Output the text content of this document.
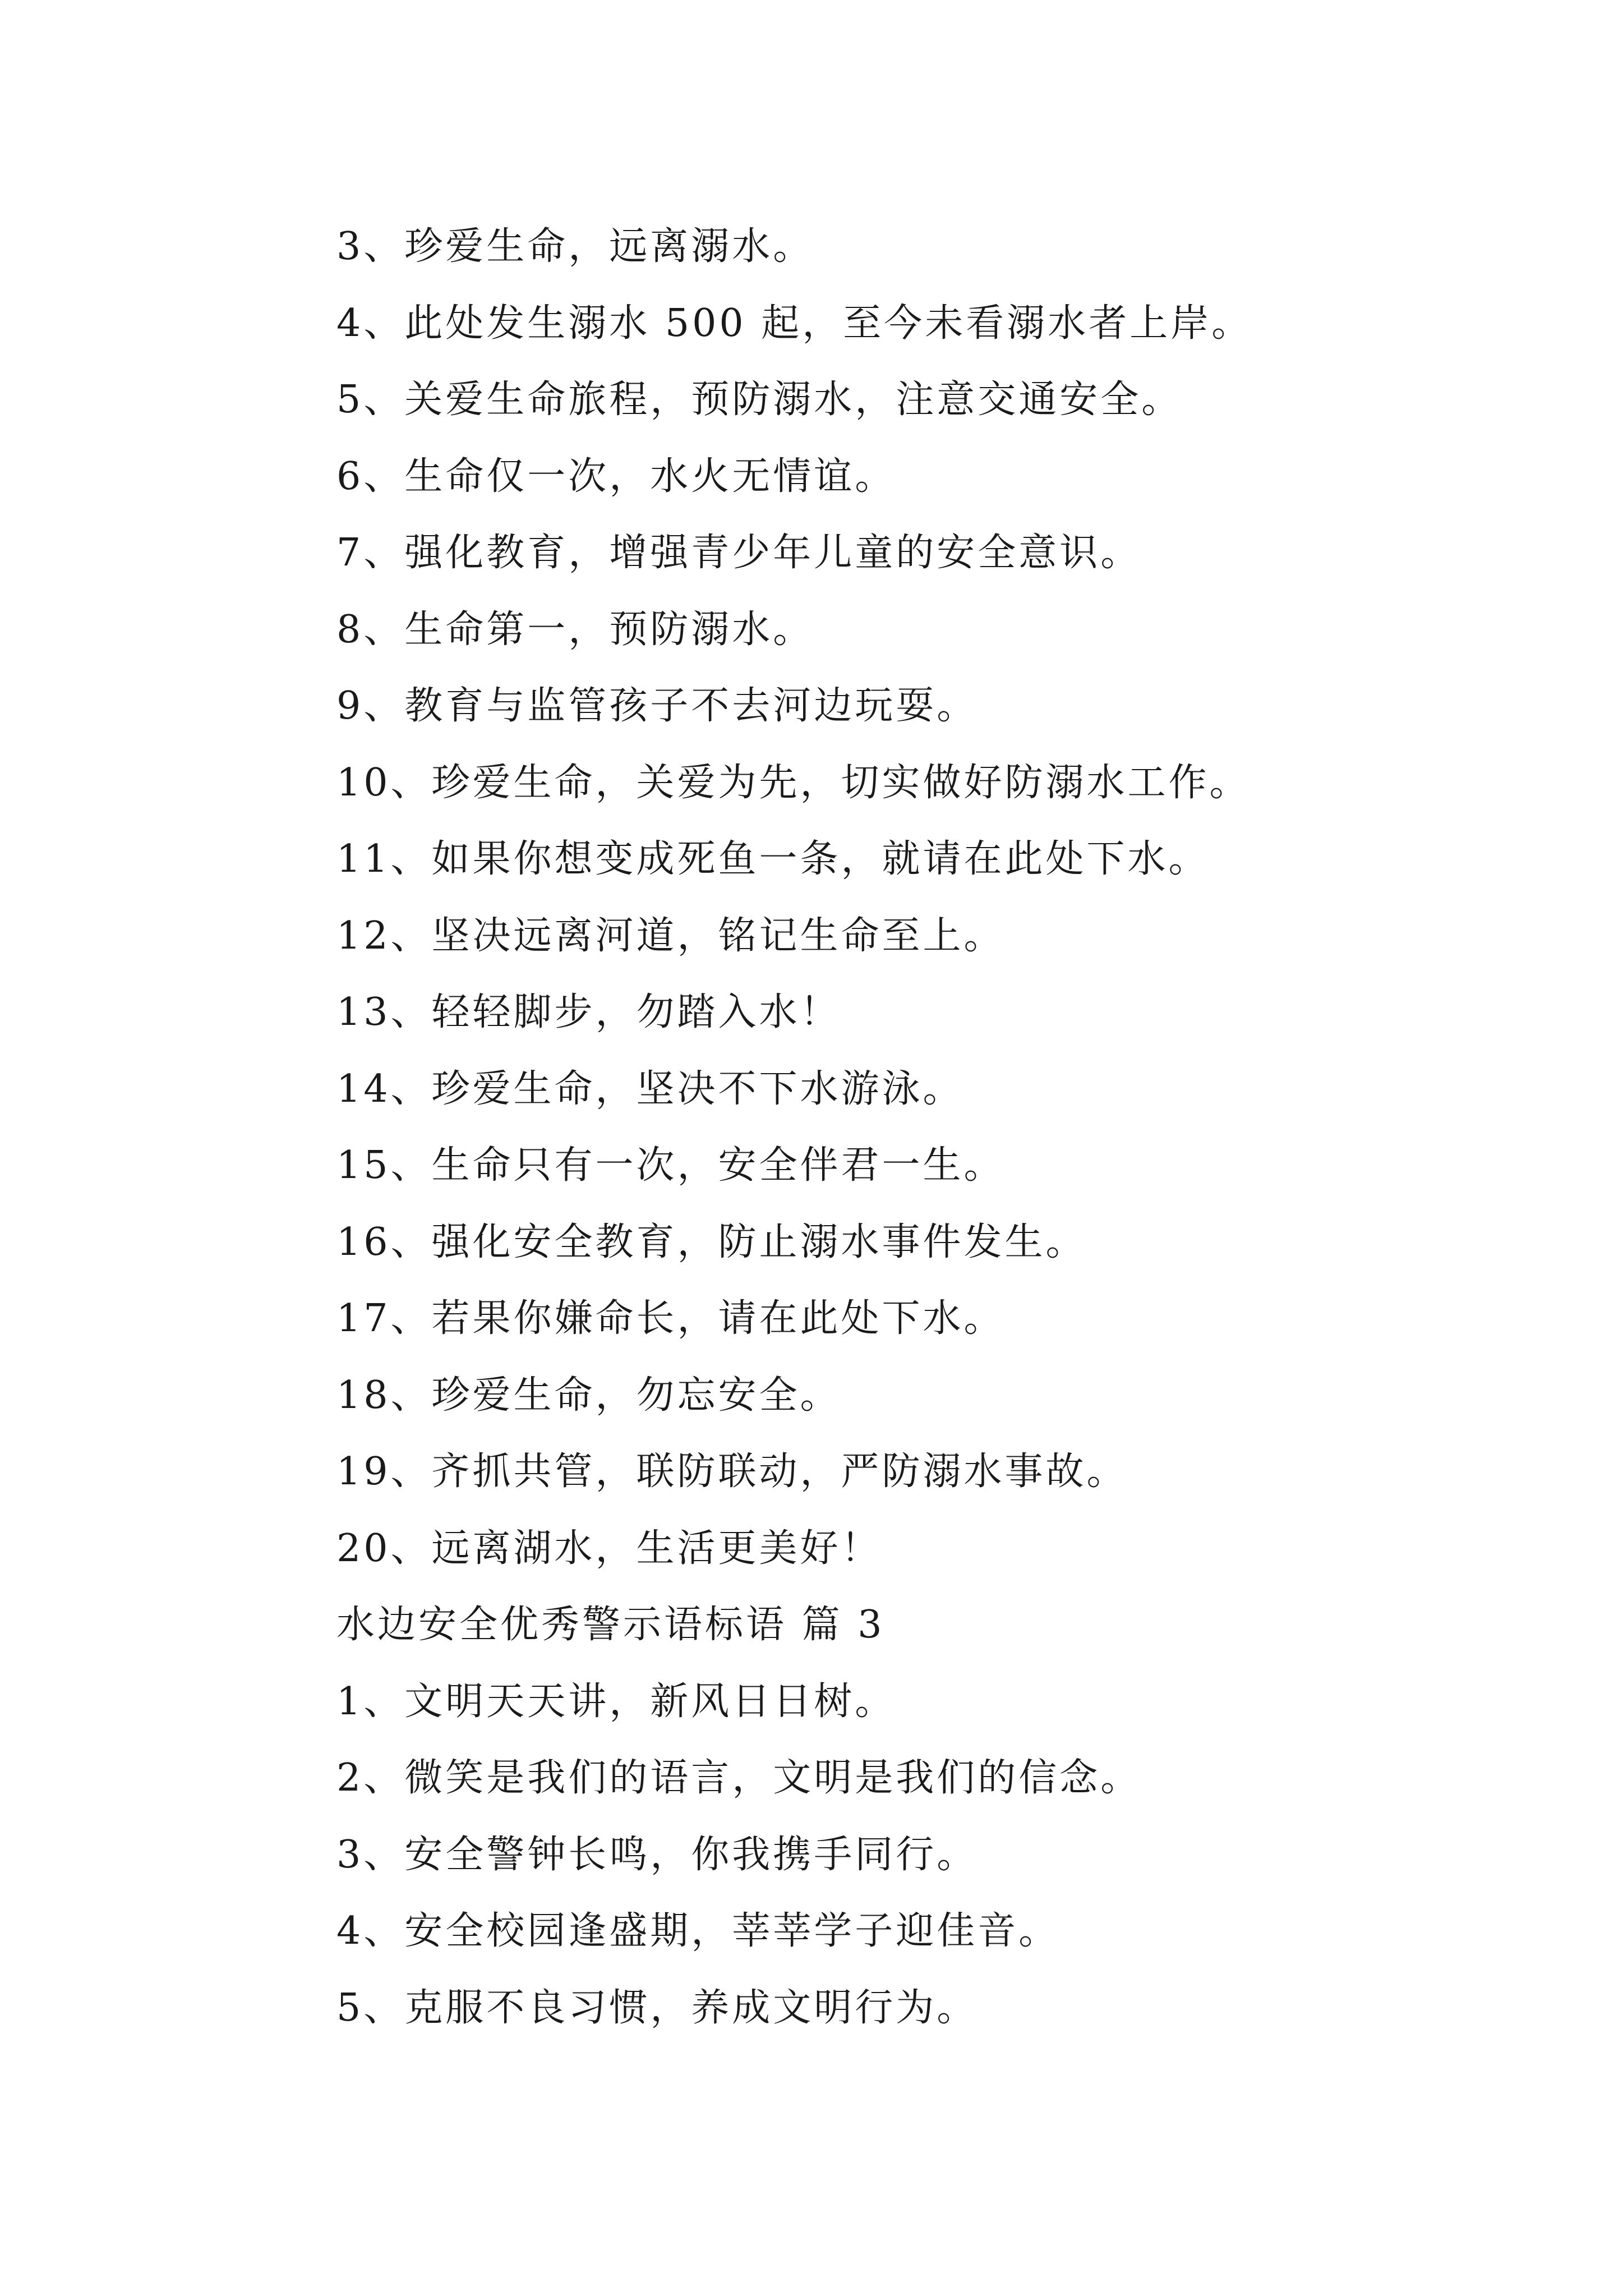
3、珍爱生命，远离溺水。
4、此处发生溺水 500 起，至今未看溺水者上岸。
5、关爱生命旅程，预防溺水，注意交通安全。
6、生命仅一次，水火无情谊。
7、强化教育，增强青少年儿童的安全意识。
8、生命第一，预防溺水。
9、教育与监管孩子不去河边玩耍。
10、珍爱生命，关爱为先，切实做好防溺水工作。
11、如果你想变成死鱼一条，就请在此处下水。
12、坚决远离河道，铭记生命至上。
13、轻轻脚步，勿踏入水！
14、珍爱生命，坚决不下水游泳。
15、生命只有一次，安全伴君一生。
16、强化安全教育，防止溺水事件发生。
17、若果你嫌命长，请在此处下水。
18、珍爱生命，勿忘安全。
19、齐抓共管，联防联动，严防溺水事故。
20、远离湖水，生活更美好！
水边安全优秀警示语标语 篇 3
1、文明天天讲，新风日日树。
2、微笑是我们的语言，文明是我们的信念。
3、安全警钟长鸣，你我携手同行。
4、安全校园逢盛期，莘莘学子迎佳音。
5、克服不良习惯，养成文明行为。
